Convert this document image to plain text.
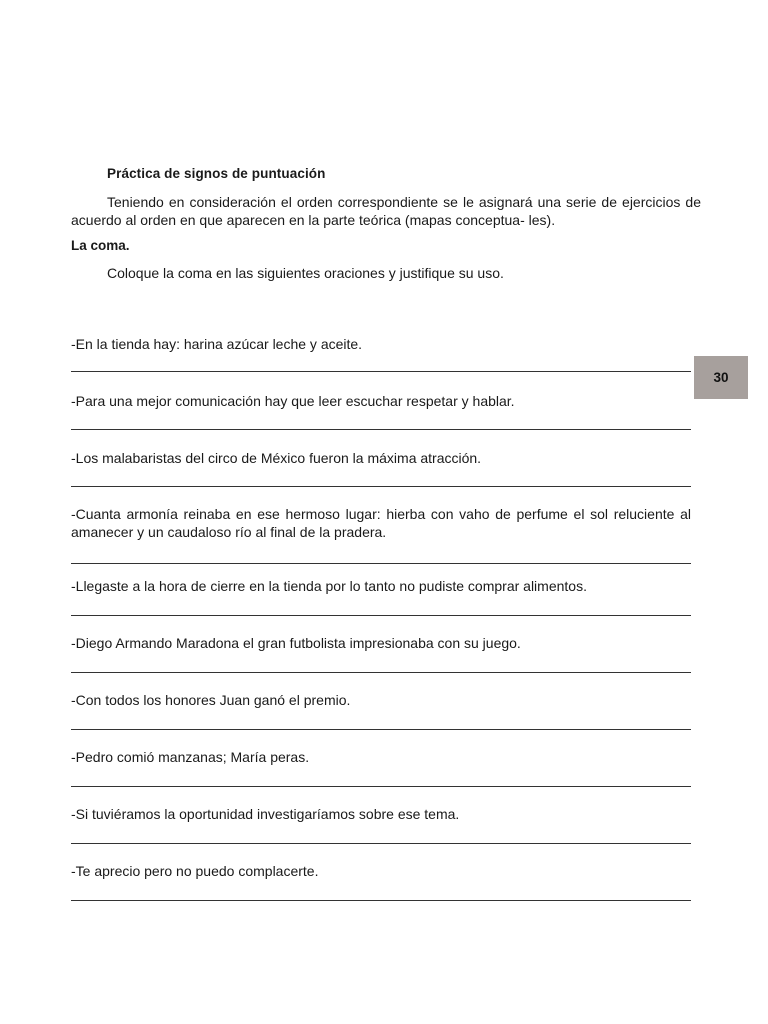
Práctica de signos de puntuación
Teniendo en consideración el orden correspondiente se le asignará una serie de ejercicios de acuerdo al orden en que aparecen en la parte teórica (mapas conceptua- les).
La coma.
Coloque la coma en las siguientes oraciones y justifique su uso.
-En la tienda hay: harina azúcar leche y aceite.
-Para una mejor comunicación hay que leer escuchar respetar y hablar.
-Los malabaristas del circo de México fueron la máxima atracción.
-Cuanta armonía reinaba en ese hermoso lugar: hierba con vaho de perfume el sol reluciente al amanecer y un caudaloso río al final de la pradera.
-Llegaste a la hora de cierre en la tienda por lo tanto no pudiste comprar alimentos.
-Diego Armando Maradona el gran futbolista impresionaba con su juego.
-Con todos los honores Juan ganó el premio.
-Pedro comió manzanas; María peras.
-Si tuviéramos la oportunidad investigaríamos sobre ese tema.
-Te aprecio pero no puedo complacerte.
30
